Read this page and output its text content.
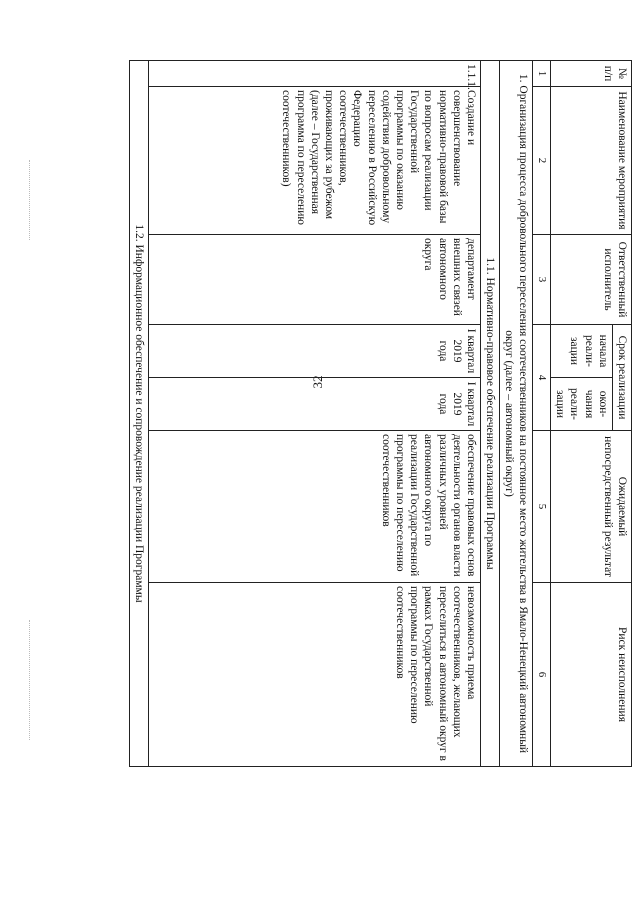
32
№ п/п	Наименование мероприятия	Ответственный исполнитель	Срок реализации		Ожидаемый непосредственный результат	Риск неисполнения
			начала реали-зации	окон-чания реали-зации		
1	2	3	4		5	6
1. Организация процесса добровольного переселения соотечественников на постоянное место жительства в Ямало-Ненецкий автономный округ (далее – автономный округ)						
1.1. Нормативно-правовое обеспечение реализации Программы						
1.1.1.	Создание и совершенствование нормативно-правовой базы по вопросам реализации Государственной программы по оказанию содействия добровольному переселению в Российскую Федерацию соотечественников, проживающих за рубежом (далее – Государственная программа по переселению соотечественников)	департамент внешних связей автономного округа	I квартал 2019 года	I квартал 2019 года	обеспечение правовых основ деятельности органов власти различных уровней автономного округа по реализации Государственной программы по переселению соотечественников	невозможность приема соотечественников, желающих переселиться в автономный округ в рамках Государственной программы по переселению соотечественников
1.2. Информационное обеспечение и сопровождение реализации Программы						
